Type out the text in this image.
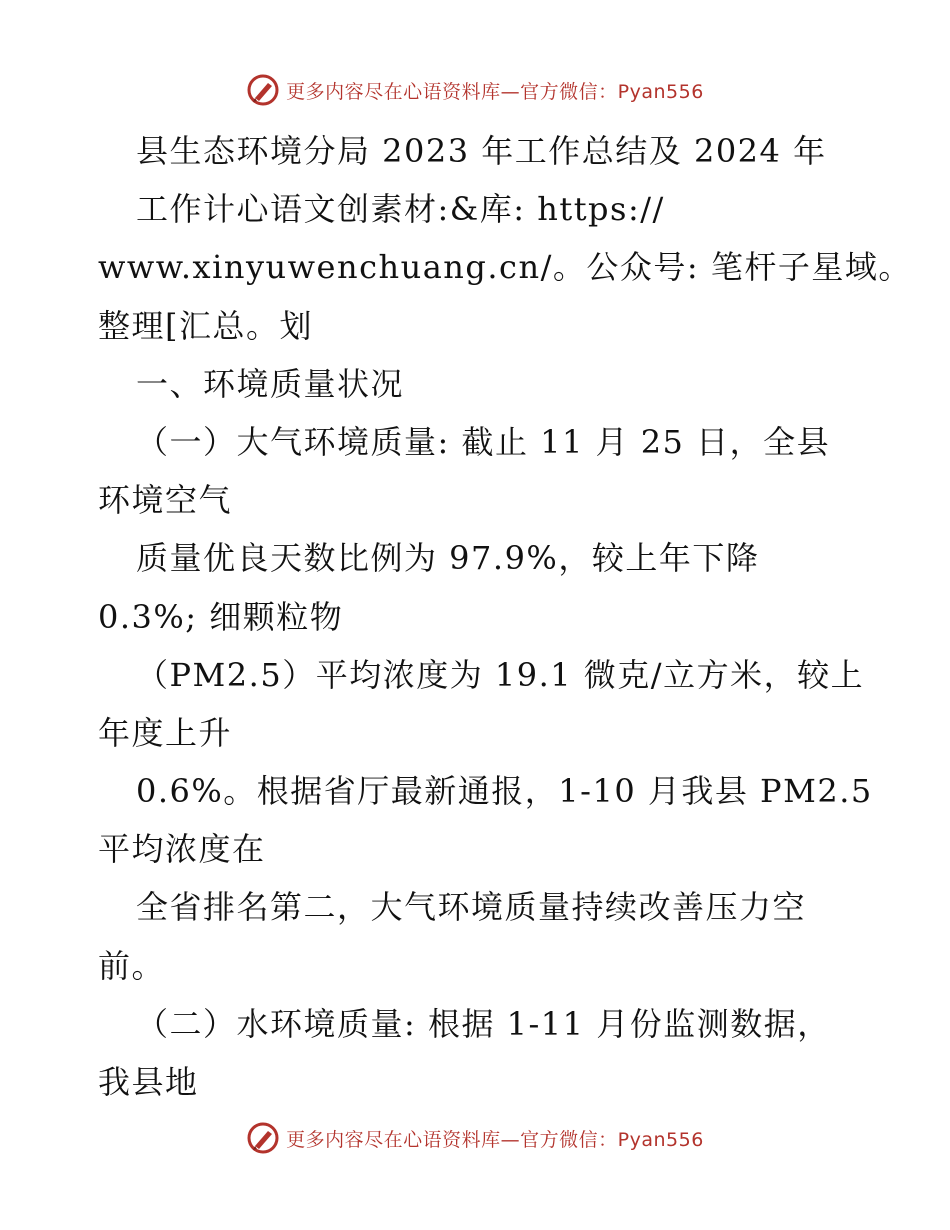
更多内容尽在心语资料库—官方微信：Pyan556
县生态环境分局 2023 年工作总结及 2024 年
工作计心语文创素材:&库: https://
www.xinyuwenchuang.cn/。公众号: 笔杆子星域。
整理[汇总。划
一、环境质量状况
（一）大气环境质量: 截止 11 月 25 日，全县
环境空气
质量优良天数比例为 97.9%，较上年下降
0.3%; 细颗粒物
（PM2.5）平均浓度为 19.1 微克/立方米，较上
年度上升
0.6%。根据省厅最新通报，1-10 月我县 PM2.5
平均浓度在
全省排名第二，大气环境质量持续改善压力空
前。
（二）水环境质量: 根据 1-11 月份监测数据，
我县地
更多内容尽在心语资料库—官方微信：Pyan556
